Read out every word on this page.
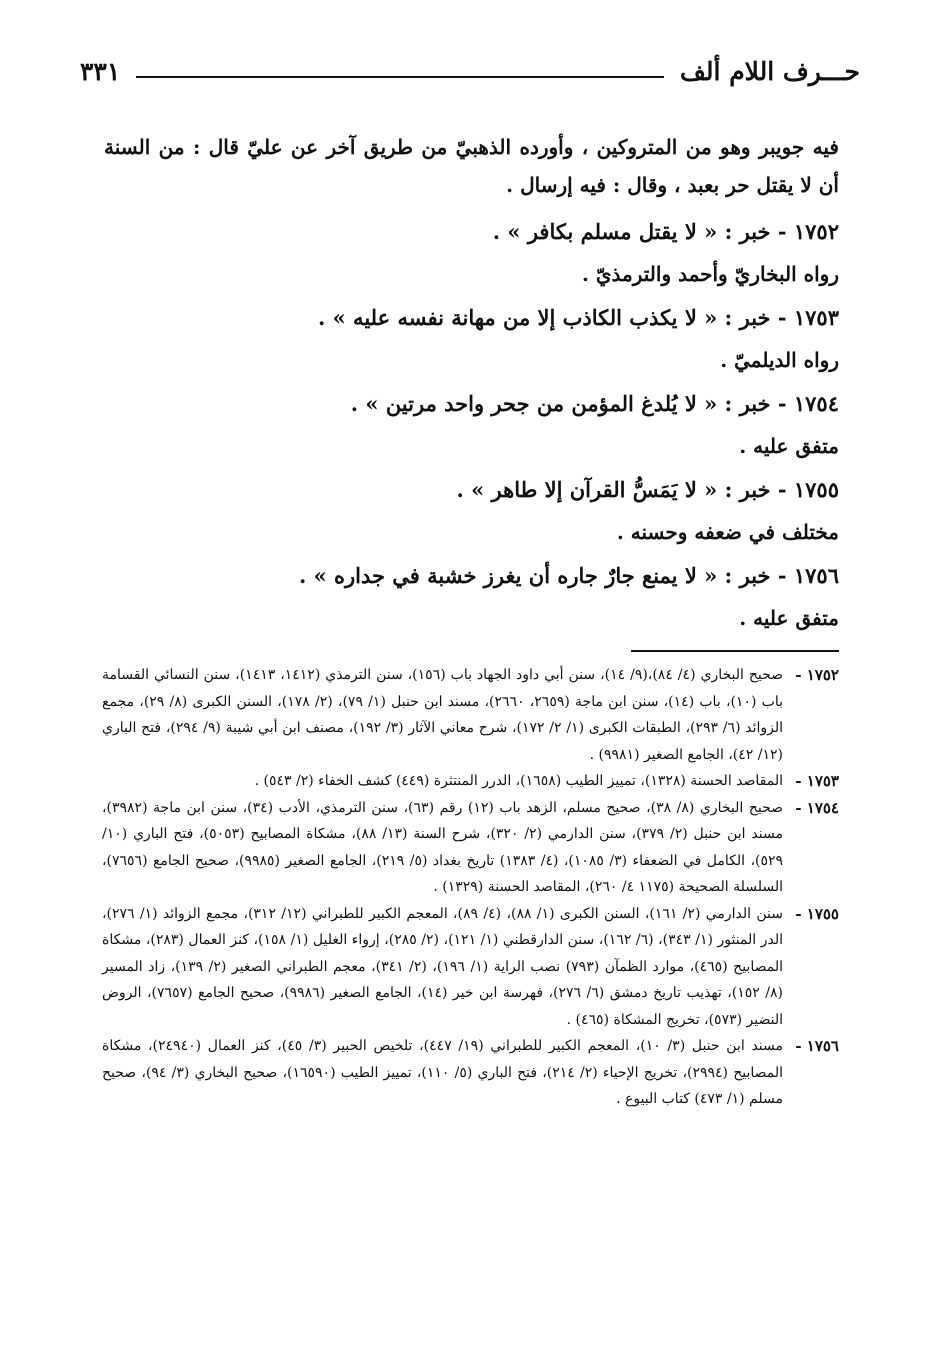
حـــرف اللام ألف
٣٣١

فيه جويبر وهو من المتروكين ، وأورده الذهبيّ من طريق آخر عن عليّ قال : من السنة أن لا يقتل حر بعبد ، وقال : فيه إرسال .

١٧٥٢ - خبر : « لا يقتل مسلم بكافر » .
رواه البخاريّ وأحمد والترمذيّ .
١٧٥٣ - خبر : « لا يكذب الكاذب إلا من مهانة نفسه عليه » .
رواه الديلميّ .
١٧٥٤ - خبر : « لا يُلدغ المؤمن من جحر واحد مرتين » .
متفق عليه .
١٧٥٥ - خبر : « لا يَمَسُّ القرآن إلا طاهر » .
مختلف في ضعفه وحسنه .
١٧٥٦ - خبر : « لا يمنع جارٌ جاره أن يغرز خشبة في جداره » .
متفق عليه .

١٧٥٢ -
صحيح البخاري (٤/ ٨٤)،(٩/ ١٤)، سنن أبي داود الجهاد باب (١٥٦)، سنن الترمذي (١٤١٢، ١٤١٣)، سنن النسائي القسامة باب (١٠)، باب (١٤)، سنن ابن ماجة (٢٦٥٩، ٢٦٦٠)، مسند ابن حنبل (١/ ٧٩)، (٢/ ١٧٨)، السنن الكبرى (٨/ ٢٩)، مجمع الزوائد (٦/ ٢٩٣)، الطبقات الكبرى (١/ ٢/ ١٧٢)، شرح معاني الآثار (٣/ ١٩٢)، مصنف ابن أبي شيبة (٩/ ٢٩٤)، فتح الباري (١٢/ ٤٢)، الجامع الصغير (٩٩٨١) .

١٧٥٣ -
المقاصد الحسنة (١٣٢٨)، تمييز الطيب (١٦٥٨)، الدرر المنتثرة (٤٤٩) كشف الخفاء (٢/ ٥٤٣) .

١٧٥٤ -
صحيح البخاري (٨/ ٣٨)، صحيح مسلم، الزهد باب (١٢) رقم (٦٣)، سنن الترمذي، الأدب (٣٤)، سنن ابن ماجة (٣٩٨٢)، مسند ابن حنبل (٢/ ٣٧٩)، سنن الدارمي (٢/ ٣٢٠)، شرح السنة (١٣/ ٨٨)، مشكاة المصابيح (٥٠٥٣)، فتح الباري (١٠/ ٥٢٩)، الكامل في الضعفاء (٣/ ١٠٨٥)، (٤/ ١٣٨٣) تاريخ بغداد (٥/ ٢١٩)، الجامع الصغير (٩٩٨٥)، صحيح الجامع (٧٦٥٦)، السلسلة الصحيحة (١١٧٥ ٤/ ٢٦٠)، المقاصد الحسنة (١٣٢٩) .

١٧٥٥ -
سنن الدارمي (٢/ ١٦١)، السنن الكبرى (١/ ٨٨)، (٤/ ٨٩)، المعجم الكبير للطبراني (١٢/ ٣١٢)، مجمع الزوائد (١/ ٢٧٦)، الدر المنثور (١/ ٣٤٣)، (٦/ ١٦٢)، سنن الدارقطني (١/ ١٢١)، (٢/ ٢٨٥)، إرواء الغليل (١/ ١٥٨)، كنز العمال (٢٨٣)، مشكاة المصابيح (٤٦٥)، موارد الظمآن (٧٩٣) نصب الراية (١/ ١٩٦)، (٢/ ٣٤١)، معجم الطبراني الصغير (٢/ ١٣٩)، زاد المسير (٨/ ١٥٢)، تهذيب تاريخ دمشق (٦/ ٢٧٦)، فهرسة ابن خير (١٤)، الجامع الصغير (٩٩٨٦)، صحيح الجامع (٧٦٥٧)، الروض النضير (٥٧٣)، تخريج المشكاة (٤٦٥) .

١٧٥٦ -
مسند ابن حنبل (٣/ ١٠)، المعجم الكبير للطبراني (١٩/ ٤٤٧)، تلخيص الحبير (٣/ ٤٥)، كنز العمال (٢٤٩٤٠)، مشكاة المصابيح (٢٩٩٤)، تخريج الإحياء (٢/ ٢١٤)، فتح الباري (٥/ ١١٠)، تمييز الطيب (١٦٥٩٠)، صحيح البخاري (٣/ ٩٤)، صحيح مسلم (١/ ٤٧٣) كتاب البيوع .
